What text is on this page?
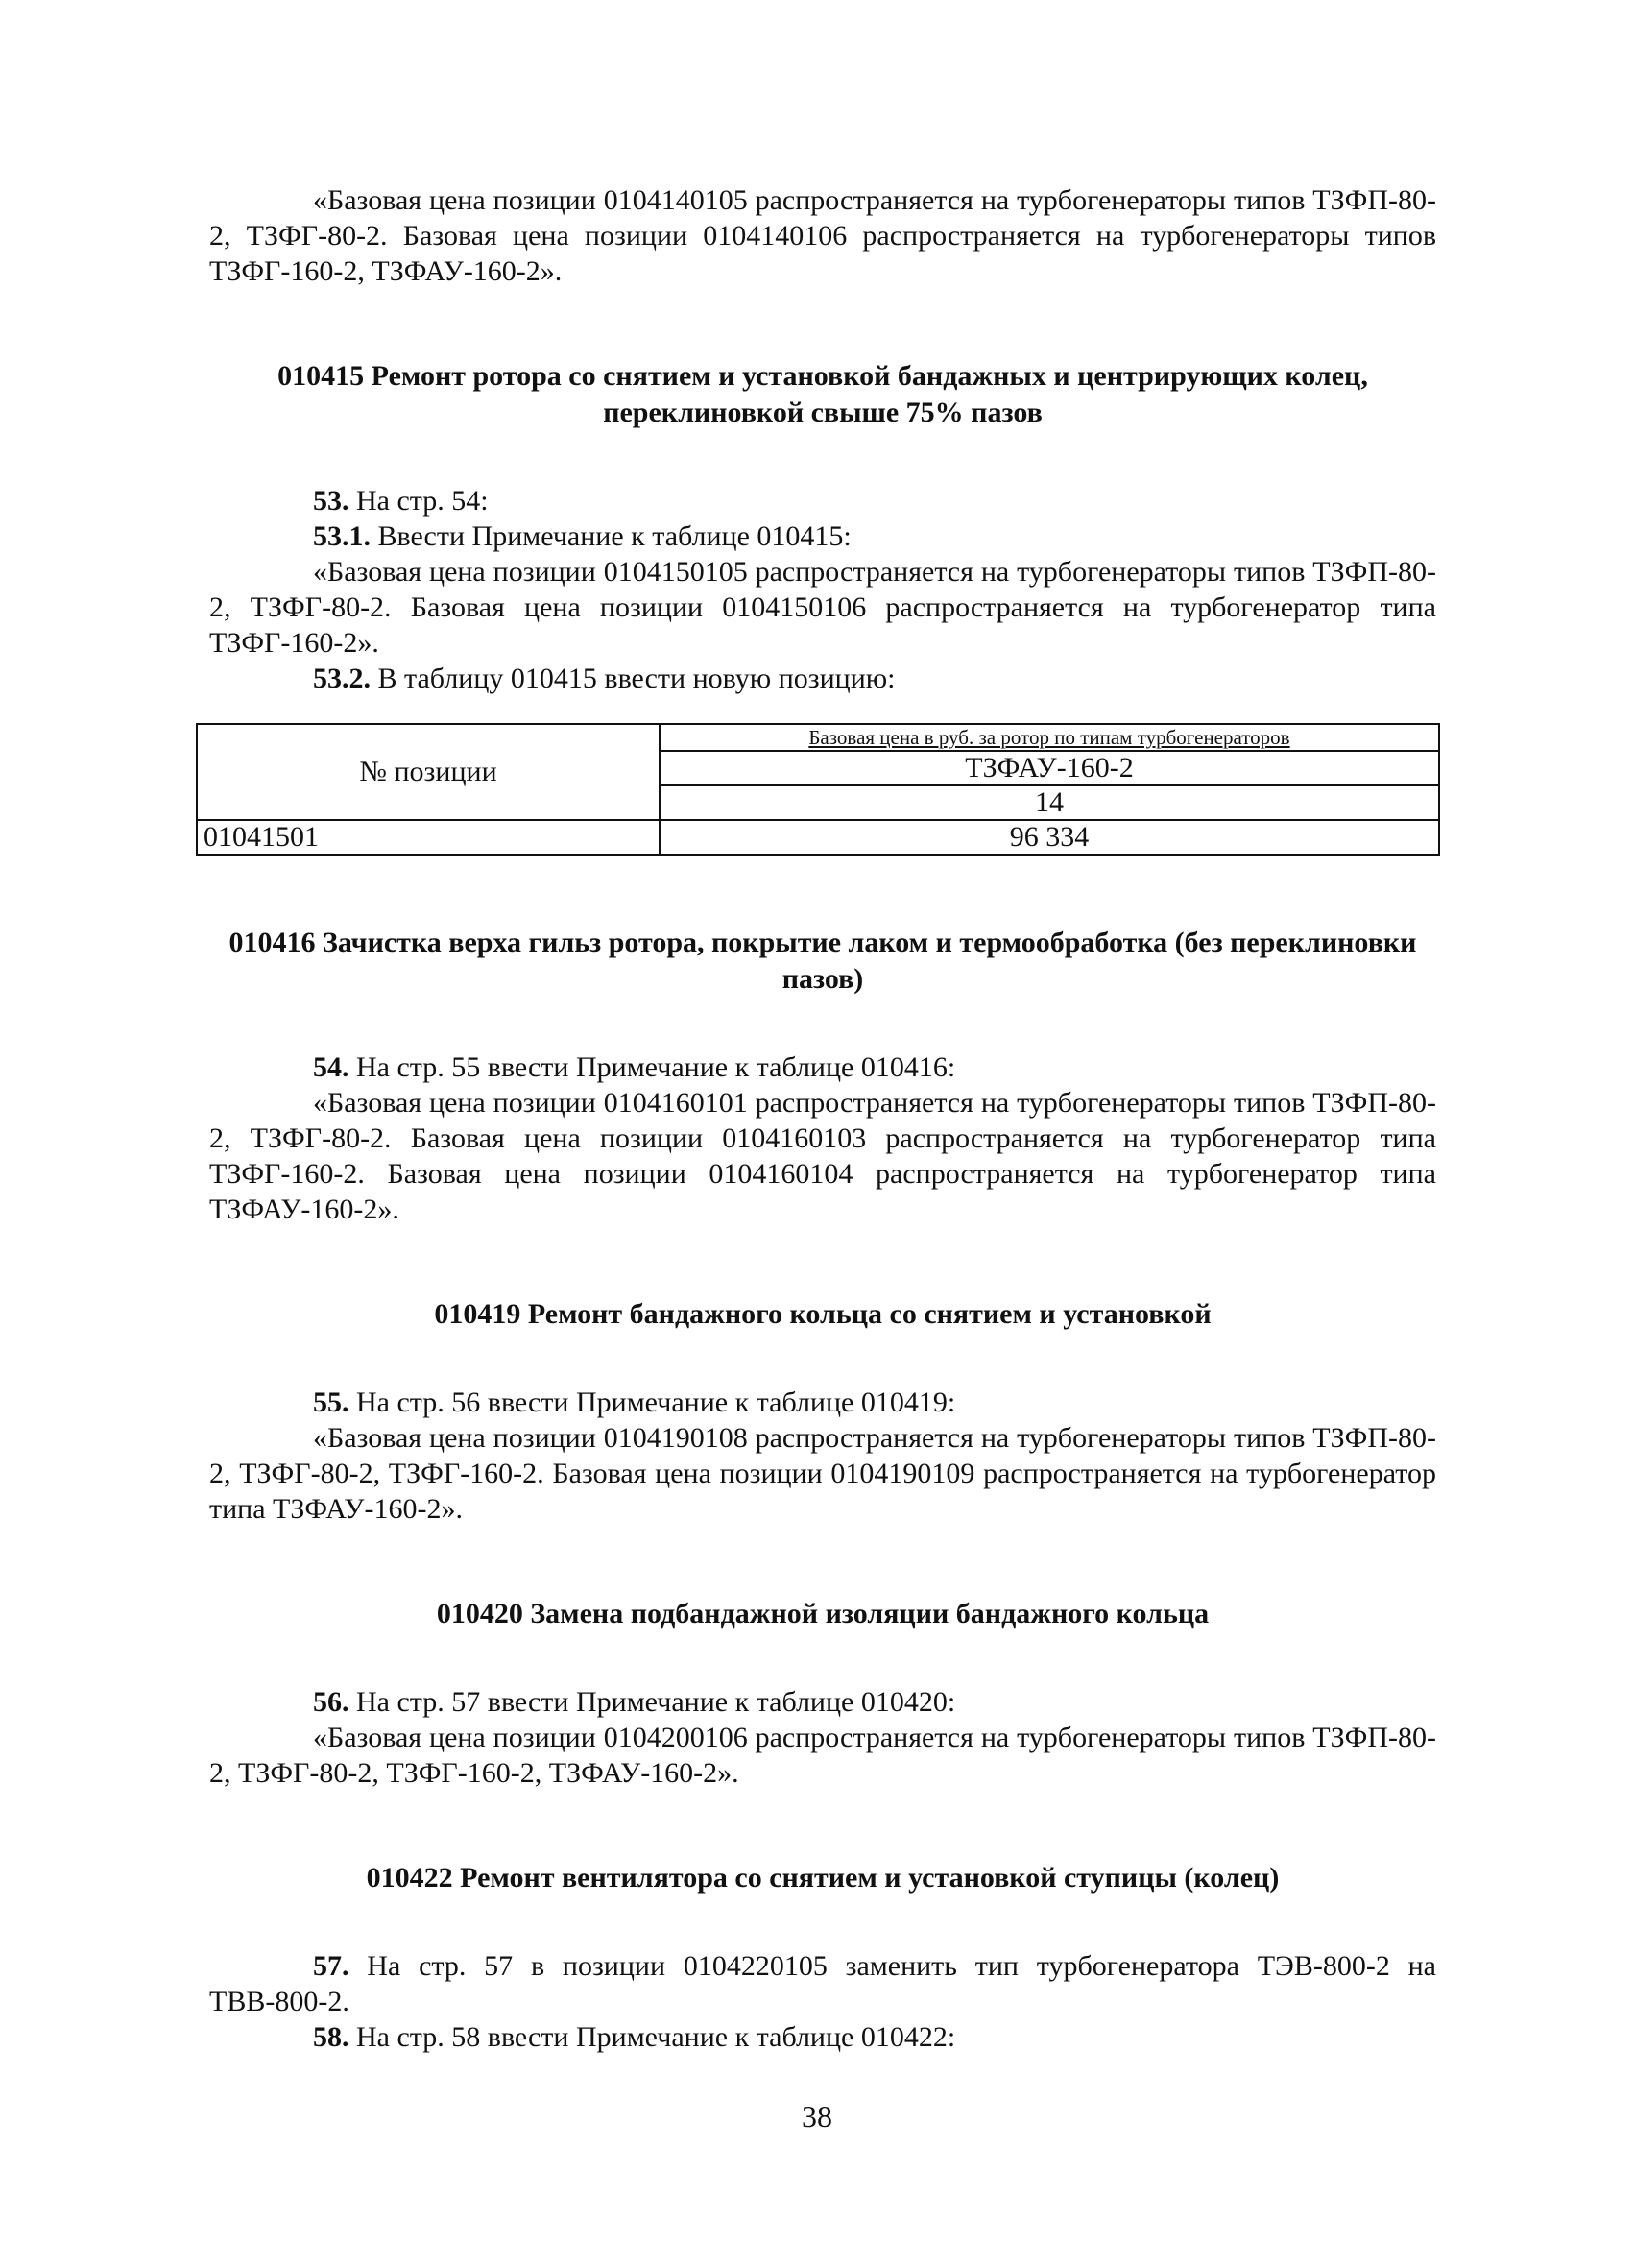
«Базовая цена позиции 0104140105 распространяется на турбогенераторы типов ТЗФП-80-2, ТЗФГ-80-2. Базовая цена позиции 0104140106 распространяется на турбогенераторы типов ТЗФГ-160-2, ТЗФАУ-160-2».

010415 Ремонт ротора со снятием и установкой бандажных и центрирующих колец, переклиновкой свыше 75% пазов

53. На стр. 54:

53.1. Ввести Примечание к таблице 010415:

«Базовая цена позиции 0104150105 распространяется на турбогенераторы типов ТЗФП-80-2, ТЗФГ-80-2. Базовая цена позиции 0104150106 распространяется на турбогенератор типа ТЗФГ-160-2».

53.2. В таблицу 010415 ввести новую позицию:

№ позиции	Базовая цена в руб. за ротор по типам турбогенераторов
	ТЗФАУ-160-2
	14
01041501	96 334

010416 Зачистка верха гильз ротора, покрытие лаком и термообработка (без переклиновки пазов)

54. На стр. 55 ввести Примечание к таблице 010416:

«Базовая цена позиции 0104160101 распространяется на турбогенераторы типов ТЗФП-80-2, ТЗФГ-80-2. Базовая цена позиции 0104160103 распространяется на турбогенератор типа ТЗФГ-160-2. Базовая цена позиции 0104160104 распространяется на турбогенератор типа ТЗФАУ-160-2».

010419 Ремонт бандажного кольца со снятием и установкой

55. На стр. 56 ввести Примечание к таблице 010419:

«Базовая цена позиции 0104190108 распространяется на турбогенераторы типов ТЗФП-80-2, ТЗФГ-80-2, ТЗФГ-160-2. Базовая цена позиции 0104190109 распространяется на турбогенератор типа ТЗФАУ-160-2».

010420 Замена подбандажной изоляции бандажного кольца

56. На стр. 57 ввести Примечание к таблице 010420:

«Базовая цена позиции 0104200106 распространяется на турбогенераторы типов ТЗФП-80-2, ТЗФГ-80-2, ТЗФГ-160-2, ТЗФАУ-160-2».

010422 Ремонт вентилятора со снятием и установкой ступицы (колец)

57. На стр. 57 в позиции 0104220105 заменить тип турбогенератора ТЭВ-800-2 на ТВВ-800-2.

58. На стр. 58 ввести Примечание к таблице 010422:

38
